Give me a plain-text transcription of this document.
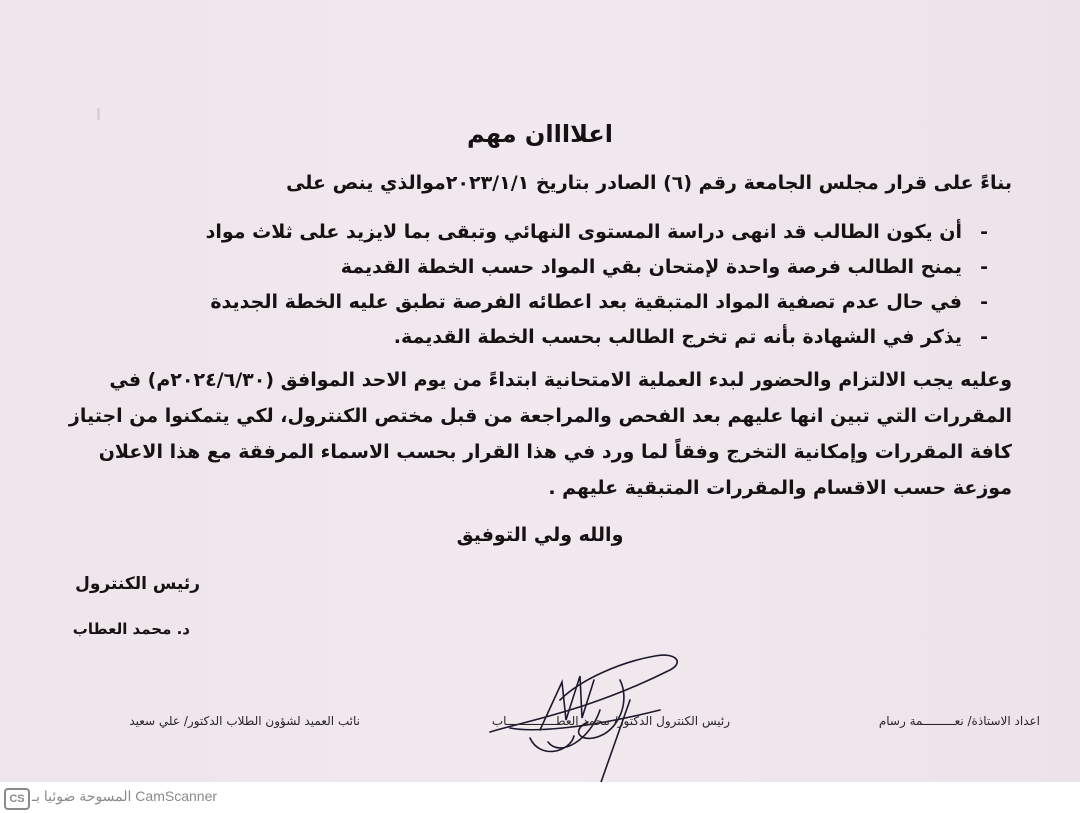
اعلاااان مهم
بناءً على قرار مجلس الجامعة رقم (٦) الصادر بتاريخ ٢٠٢٣/١/١موالذي ينص على
-أن يكون الطالب قد انهى دراسة المستوى النهائي وتبقى بما لايزيد على ثلاث مواد
-يمنح الطالب فرصة واحدة لإمتحان بقي المواد حسب الخطة القديمة
-في حال عدم تصفية المواد المتبقية بعد اعطائه الفرصة تطبق عليه الخطة الجديدة
-يذكر في الشهادة بأنه تم تخرج الطالب بحسب الخطة القديمة.
وعليه يجب الالتزام والحضور لبدء العملية الامتحانية ابتداءً من يوم الاحد الموافق (٢٠٢٤/٦/٣٠م) في
المقررات التي تبين انها عليهم بعد الفحص والمراجعة من قبل مختص الكنترول، لكي يتمكنوا من اجتياز
كافة المقررات وإمكانية التخرج وفقاً لما ورد في هذا القرار بحسب الاسماء المرفقة مع هذا الاعلان
موزعة حسب الاقسام والمقررات المتبقية عليهم .
والله ولي التوفيق
رئيس الكنترول
د. محمد العطاب
اعداد الاستاذة/ نعـــــــــمة رسام
رئيس الكنترول الدكتور/ محمد العطــــــــــــــاب
نائب العميد لشؤون الطلاب الدكتور/ علي سعيد
CS المسوحة ضوئيا بـ CamScanner
